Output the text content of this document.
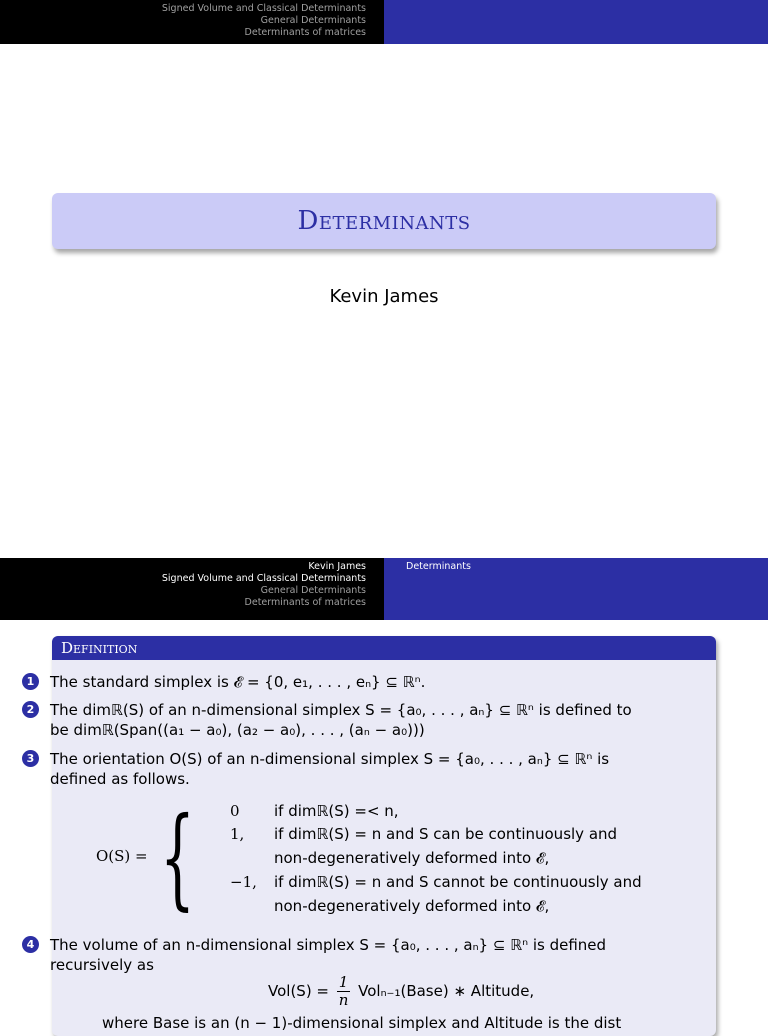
Signed Volume and Classical Determinants
General Determinants
Determinants of matrices
Determinants
Kevin James
Kevin James
Signed Volume and Classical Determinants
General Determinants
Determinants of matrices
Determinants
Definition
1	The standard simplex is 𝓔 = {0, e₁, . . . , eₙ} ⊆ ℝⁿ.
2	The dimℝ(S) of an n-dimensional simplex S = {a₀, . . . , aₙ} ⊆ ℝⁿ is defined to be dimℝ(Span((a₁ − a₀), (a₂ − a₀), . . . , (aₙ − a₀)))
3	The orientation O(S) of an n-dimensional simplex S = {a₀, . . . , aₙ} ⊆ ℝⁿ is defined as follows.
O(S) = { 0 if dimℝ(S) =< n,
1, if dimℝ(S) = n and S can be continuously and
non-degeneratively deformed into 𝓔,
−1, if dimℝ(S) = n and S cannot be continuously and
non-degeneratively deformed into 𝓔,
4	The volume of an n-dimensional simplex S = {a₀, . . . , aₙ} ⊆ ℝⁿ is defined recursively as
$Vol(S) = \frac{1}{n}$ Volₙ₋₁(Base) ∗ Altitude,
where Base is an (n − 1)-dimensional simplex and Altitude is the dist
